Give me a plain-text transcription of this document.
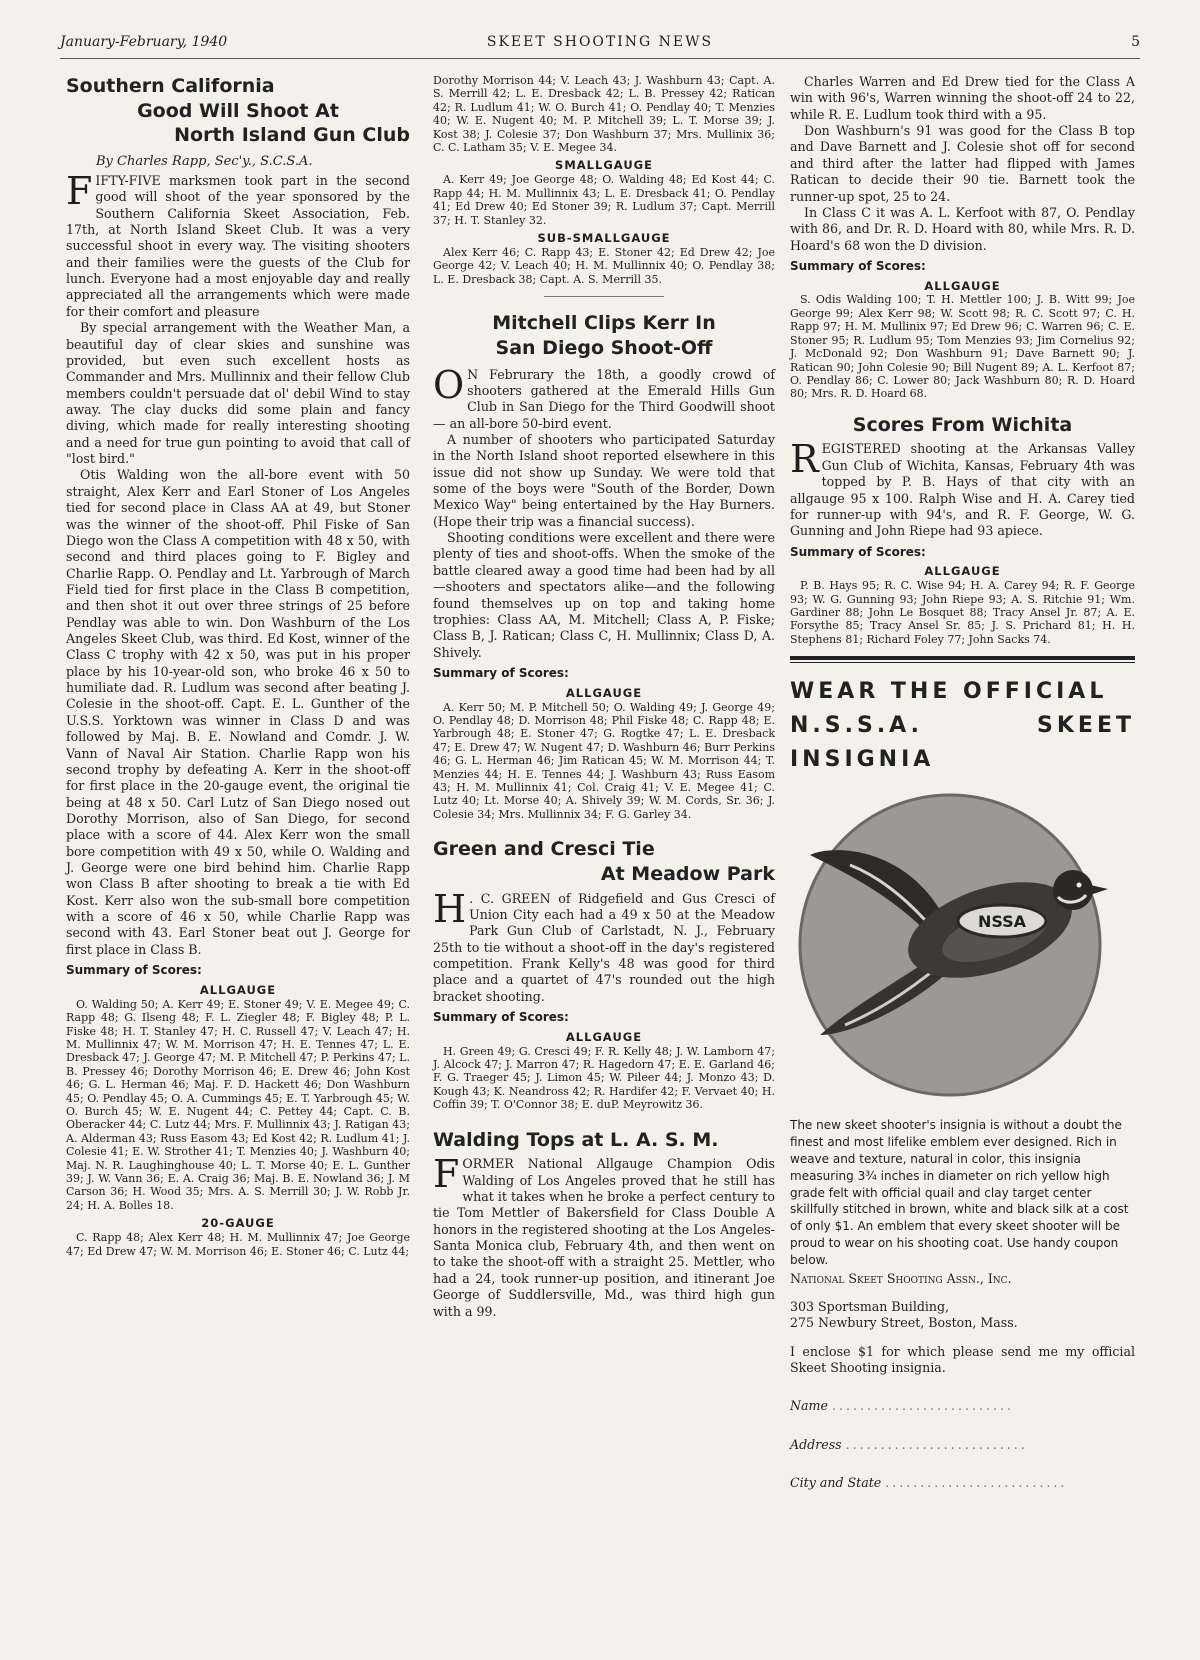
January-February, 1940	SKEET SHOOTING NEWS	5
Southern California
Good Will Shoot At
North Island Gun Club
By Charles Rapp, Sec'y., S.C.S.A.

FIFTY-FIVE marksmen took part in the second good will shoot of the year sponsored by the Southern California Skeet Association, Feb. 17th, at North Island Skeet Club. It was a very successful shoot in every way. The visiting shooters and their families were the guests of the Club for lunch. Everyone had a most enjoyable day and really appreciated all the arrangements which were made for their comfort and pleasure

By special arrangement with the Weather Man, a beautiful day of clear skies and sunshine was provided, but even such excellent hosts as Commander and Mrs. Mullinnix and their fellow Club members couldn't persuade dat ol' debil Wind to stay away. The clay ducks did some plain and fancy diving, which made for really interesting shooting and a need for true gun pointing to avoid that call of "lost bird."

Otis Walding won the all-bore event with 50 straight, Alex Kerr and Earl Stoner of Los Angeles tied for second place in Class AA at 49, but Stoner was the winner of the shoot-off. Phil Fiske of San Diego won the Class A competition with 48 x 50, with second and third places going to F. Bigley and Charlie Rapp. O. Pendlay and Lt. Yarbrough of March Field tied for first place in the Class B competition, and then shot it out over three strings of 25 before Pendlay was able to win. Don Washburn of the Los Angeles Skeet Club, was third. Ed Kost, winner of the Class C trophy with 42 x 50, was put in his proper place by his 10-year-old son, who broke 46 x 50 to humiliate dad. R. Ludlum was second after beating J. Colesie in the shoot-off. Capt. E. L. Gunther of the U.S.S. Yorktown was winner in Class D and was followed by Maj. B. E. Nowland and Comdr. J. W. Vann of Naval Air Station. Charlie Rapp won his second trophy by defeating A. Kerr in the shoot-off for first place in the 20-gauge event, the original tie being at 48 x 50. Carl Lutz of San Diego nosed out Dorothy Morrison, also of San Diego, for second place with a score of 44. Alex Kerr won the small bore competition with 49 x 50, while O. Walding and J. George were one bird behind him. Charlie Rapp won Class B after shooting to break a tie with Ed Kost. Kerr also won the sub-small bore competition with a score of 46 x 50, while Charlie Rapp was second with 43. Earl Stoner beat out J. George for first place in Class B.

Summary of Scores:
ALLGAUGE
O. Walding 50; A. Kerr 49; E. Stoner 49; V. E. Megee 49; C. Rapp 48; G. Ilseng 48; F. L. Ziegler 48; F. Bigley 48; P. L. Fiske 48; H. T. Stanley 47; H. C. Russell 47; V. Leach 47; H. M. Mullinnix 47; W. M. Morrison 47; H. E. Tennes 47; L. E. Dresback 47; J. George 47; M. P. Mitchell 47; P. Perkins 47; L. B. Pressey 46; Dorothy Morrison 46; E. Drew 46; John Kost 46; G. L. Herman 46; Maj. F. D. Hackett 46; Don Washburn 45; O. Pendlay 45; O. A. Cummings 45; E. T. Yarbrough 45; W. O. Burch 45; W. E. Nugent 44; C. Pettey 44; Capt. C. B. Oberacker 44; C. Lutz 44; Mrs. F. Mullinnix 43; J. Ratigan 43; A. Alderman 43; Russ Easom 43; Ed Kost 42; R. Ludlum 41; J. Colesie 41; E. W. Strother 41; T. Menzies 40; J. Washburn 40; Maj. N. R. Laughinghouse 40; L. T. Morse 40; E. L. Gunther 39; J. W. Vann 36; E. A. Craig 36; Maj. B. E. Nowland 36; J. M Carson 36; H. Wood 35; Mrs. A. S. Merrill 30; J. W. Robb Jr. 24; H. A. Bolles 18.
20-GAUGE
C. Rapp 48; Alex Kerr 48; H. M. Mullinnix 47; Joe George 47; Ed Drew 47; W. M. Morrison 46; E. Stoner 46; C. Lutz 44;
Dorothy Morrison 44; V. Leach 43; J. Washburn 43; Capt. A. S. Merrill 42; L. E. Dresback 42; L. B. Pressey 42; Ratican 42; R. Ludlum 41; W. O. Burch 41; O. Pendlay 40; T. Menzies 40; W. E. Nugent 40; M. P. Mitchell 39; L. T. Morse 39; J. Kost 38; J. Colesie 37; Don Washburn 37; Mrs. Mullinix 36; C. C. Latham 35; V. E. Megee 34.
SMALLGAUGE
A. Kerr 49; Joe George 48; O. Walding 48; Ed Kost 44; C. Rapp 44; H. M. Mullinnix 43; L. E. Dresback 41; O. Pendlay 41; Ed Drew 40; Ed Stoner 39; R. Ludlum 37; Capt. Merrill 37; H. T. Stanley 32.
SUB-SMALLGAUGE
Alex Kerr 46; C. Rapp 43; E. Stoner 42; Ed Drew 42; Joe George 42; V. Leach 40; H. M. Mullinnix 40; O. Pendlay 38; L. E. Dresback 38; Capt. A. S. Merrill 35.
Mitchell Clips Kerr In
San Diego Shoot-Off

O N Februrary the 18th, a goodly crowd of shooters gathered at the Emerald Hills Gun Club in San Diego for the Third Goodwill shoot — an all-bore 50-bird event.

A number of shooters who participated Saturday in the North Island shoot reported elsewhere in this issue did not show up Sunday. We were told that some of the boys were "South of the Border, Down Mexico Way" being entertained by the Hay Burners. (Hope their trip was a financial success).

Shooting conditions were excellent and there were plenty of ties and shoot-offs. When the smoke of the battle cleared away a good time had been had by all—shooters and spectators alike—and the following found themselves up on top and taking home trophies: Class AA, M. Mitchell; Class A, P. Fiske; Class B, J. Ratican; Class C, H. Mullinnix; Class D, A. Shively.

Summary of Scores:
ALLGAUGE
A. Kerr 50; M. P. Mitchell 50; O. Walding 49; J. George 49; O. Pendlay 48; D. Morrison 48; Phil Fiske 48; C. Rapp 48; E. Yarbrough 48; E. Stoner 47; G. Rogtke 47; L. E. Dresback 47; E. Drew 47; W. Nugent 47; D. Washburn 46; Burr Perkins 46; G. L. Herman 46; Jim Ratican 45; W. M. Morrison 44; T. Menzies 44; H. E. Tennes 44; J. Washburn 43; Russ Easom 43; H. M. Mullinnix 41; Col. Craig 41; V. E. Megee 41; C. Lutz 40; Lt. Morse 40; A. Shively 39; W. M. Cords, Sr. 36; J. Colesie 34; Mrs. Mullinnix 34; F. G. Garley 34.
Green and Cresci Tie
At Meadow Park

H . C. GREEN of Ridgefield and Gus Cresci of Union City each had a 49 x 50 at the Meadow Park Gun Club of Carlstadt, N. J., February 25th to tie without a shoot-off in the day's registered competition. Frank Kelly's 48 was good for third place and a quartet of 47's rounded out the high bracket shooting.

Summary of Scores:
ALLGAUGE
H. Green 49; G. Cresci 49; F. R. Kelly 48; J. W. Lamborn 47; J. Alcock 47; J. Marron 47; R. Hagedorn 47; E. E. Garland 46; F. G. Traeger 45; J. Limon 45; W. Pileer 44; J. Monzo 43; D. Kough 43; K. Neandross 42; R. Hardifer 42; F. Vervaet 40; H. Coffin 39; T. O'Connor 38; E. duP. Meyrowitz 36.
Walding Tops at L. A. S. M.

FORMER National Allgauge Champion Odis Walding of Los Angeles proved that he still has what it takes when he broke a perfect century to tie Tom Mettler of Bakersfield for Class Double A honors in the registered shooting at the Los Angeles-Santa Monica club, February 4th, and then went on to take the shoot-off with a straight 25. Mettler, who had a 24, took runner-up position, and itinerant Joe George of Suddlersville, Md., was third high gun with a 99.

Charles Warren and Ed Drew tied for the Class A win with 96's, Warren winning the shoot-off 24 to 22, while R. E. Ludlum took third with a 95.

Don Washburn's 91 was good for the Class B top and Dave Barnett and J. Colesie shot off for second and third after the latter had flipped with James Ratican to decide their 90 tie. Barnett took the runner-up spot, 25 to 24.

In Class C it was A. L. Kerfoot with 87, O. Pendlay with 86, and Dr. R. D. Hoard with 80, while Mrs. R. D. Hoard's 68 won the D division.

Summary of Scores:
ALLGAUGE
S. Odis Walding 100; T. H. Mettler 100; J. B. Witt 99; Joe George 99; Alex Kerr 98; W. Scott 98; R. C. Scott 97; C. H. Rapp 97; H. M. Mullinix 97; Ed Drew 96; C. Warren 96; C. E. Stoner 95; R. Ludlum 95; Tom Menzies 93; Jim Cornelius 92; J. McDonald 92; Don Washburn 91; Dave Barnett 90; J. Ratican 90; John Colesie 90; Bill Nugent 89; A. L. Kerfoot 87; O. Pendlay 86; C. Lower 80; Jack Washburn 80; R. D. Hoard 80; Mrs. R. D. Hoard 68.
Scores From Wichita

REGISTERED shooting at the Arkansas Valley Gun Club of Wichita, Kansas, February 4th was topped by P. B. Hays of that city with an allgauge 95 x 100. Ralph Wise and H. A. Carey tied for runner-up with 94's, and R. F. George, W. G. Gunning and John Riepe had 93 apiece.

Summary of Scores:
ALLGAUGE
P. B. Hays 95; R. C. Wise 94; H. A. Carey 94; R. F. George 93; W. G. Gunning 93; John Riepe 93; A. S. Ritchie 91; Wm. Gardiner 88; John Le Bosquet 88; Tracy Ansel Jr. 87; A. E. Forsythe 85; Tracy Ansel Sr. 85; J. S. Prichard 81; H. H. Stephens 81; Richard Foley 77; John Sacks 74.
WEAR THE OFFICIAL
N.S.S.A. SKEET INSIGNIA
NSSA
The new skeet shooter's insignia is without a doubt the finest and most lifelike emblem ever designed. Rich in weave and texture, natural in color, this insignia measuring 3¾ inches in diameter on rich yellow high grade felt with official quail and clay target center skillfully stitched in brown, white and black silk at a cost of only $1. An emblem that every skeet shooter will be proud to wear on his shooting coat. Use handy coupon below.
National Skeet Shooting Assn., Inc.
303 Sportsman Building,
275 Newbury Street, Boston, Mass.
I enclose $1 for which please send me my official Skeet Shooting insignia.
Name ..........................
Address ..........................
City and State ..........................
